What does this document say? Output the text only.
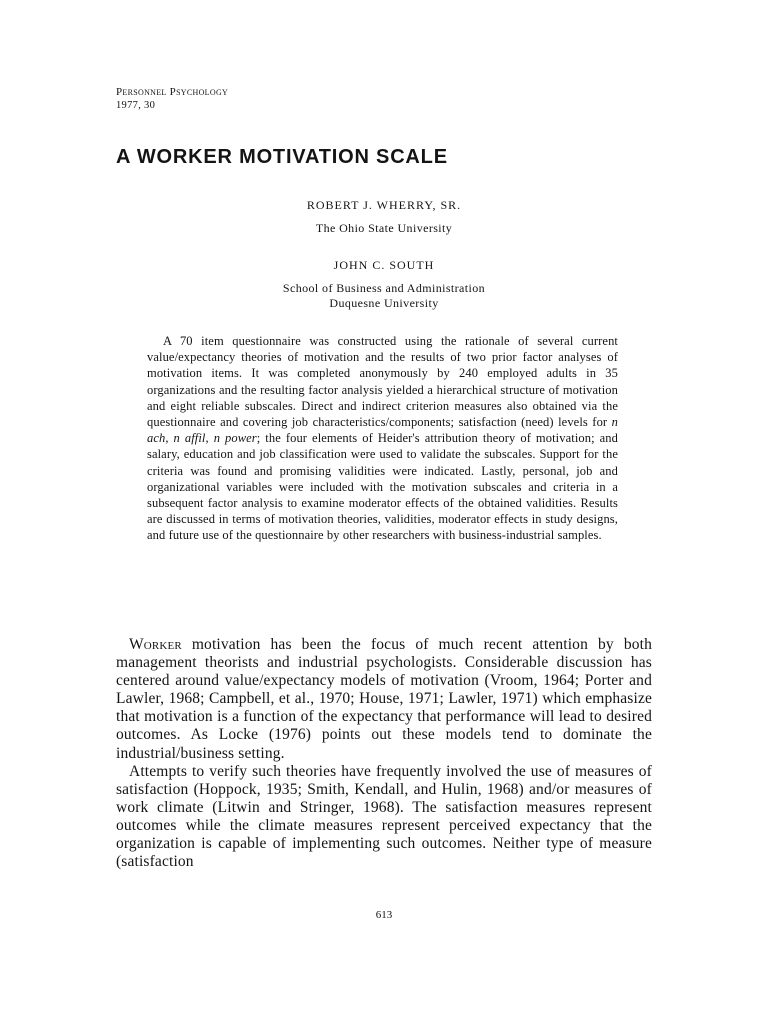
Personnel Psychology
1977, 30
A WORKER MOTIVATION SCALE
ROBERT J. WHERRY, SR.
The Ohio State University
JOHN C. SOUTH
School of Business and Administration
Duquesne University

A 70 item questionnaire was constructed using the rationale of several current value/expectancy theories of motivation and the results of two prior factor analyses of motivation items. It was completed anonymously by 240 employed adults in 35 organizations and the resulting factor analysis yielded a hierarchical structure of motivation and eight reliable subscales. Direct and indirect criterion measures also obtained via the questionnaire and covering job characteristics/components; satisfaction (need) levels for n ach, n affil, n power; the four elements of Heider's attribution theory of motivation; and salary, education and job classification were used to validate the subscales. Support for the criteria was found and promising validities were indicated. Lastly, personal, job and organizational variables were included with the motivation subscales and criteria in a subsequent factor analysis to examine moderator effects of the obtained validities. Results are discussed in terms of motivation theories, validities, moderator effects in study designs, and future use of the questionnaire by other researchers with business-industrial samples.

Worker motivation has been the focus of much recent attention by both management theorists and industrial psychologists. Considerable discussion has centered around value/expectancy models of motivation (Vroom, 1964; Porter and Lawler, 1968; Campbell, et al., 1970; House, 1971; Lawler, 1971) which emphasize that motivation is a function of the expectancy that performance will lead to desired outcomes. As Locke (1976) points out these models tend to dominate the industrial/business setting.

Attempts to verify such theories have frequently involved the use of measures of satisfaction (Hoppock, 1935; Smith, Kendall, and Hulin, 1968) and/or measures of work climate (Litwin and Stringer, 1968). The satisfaction measures represent outcomes while the climate measures represent perceived expectancy that the organization is capable of implementing such outcomes. Neither type of measure (satisfaction

613
